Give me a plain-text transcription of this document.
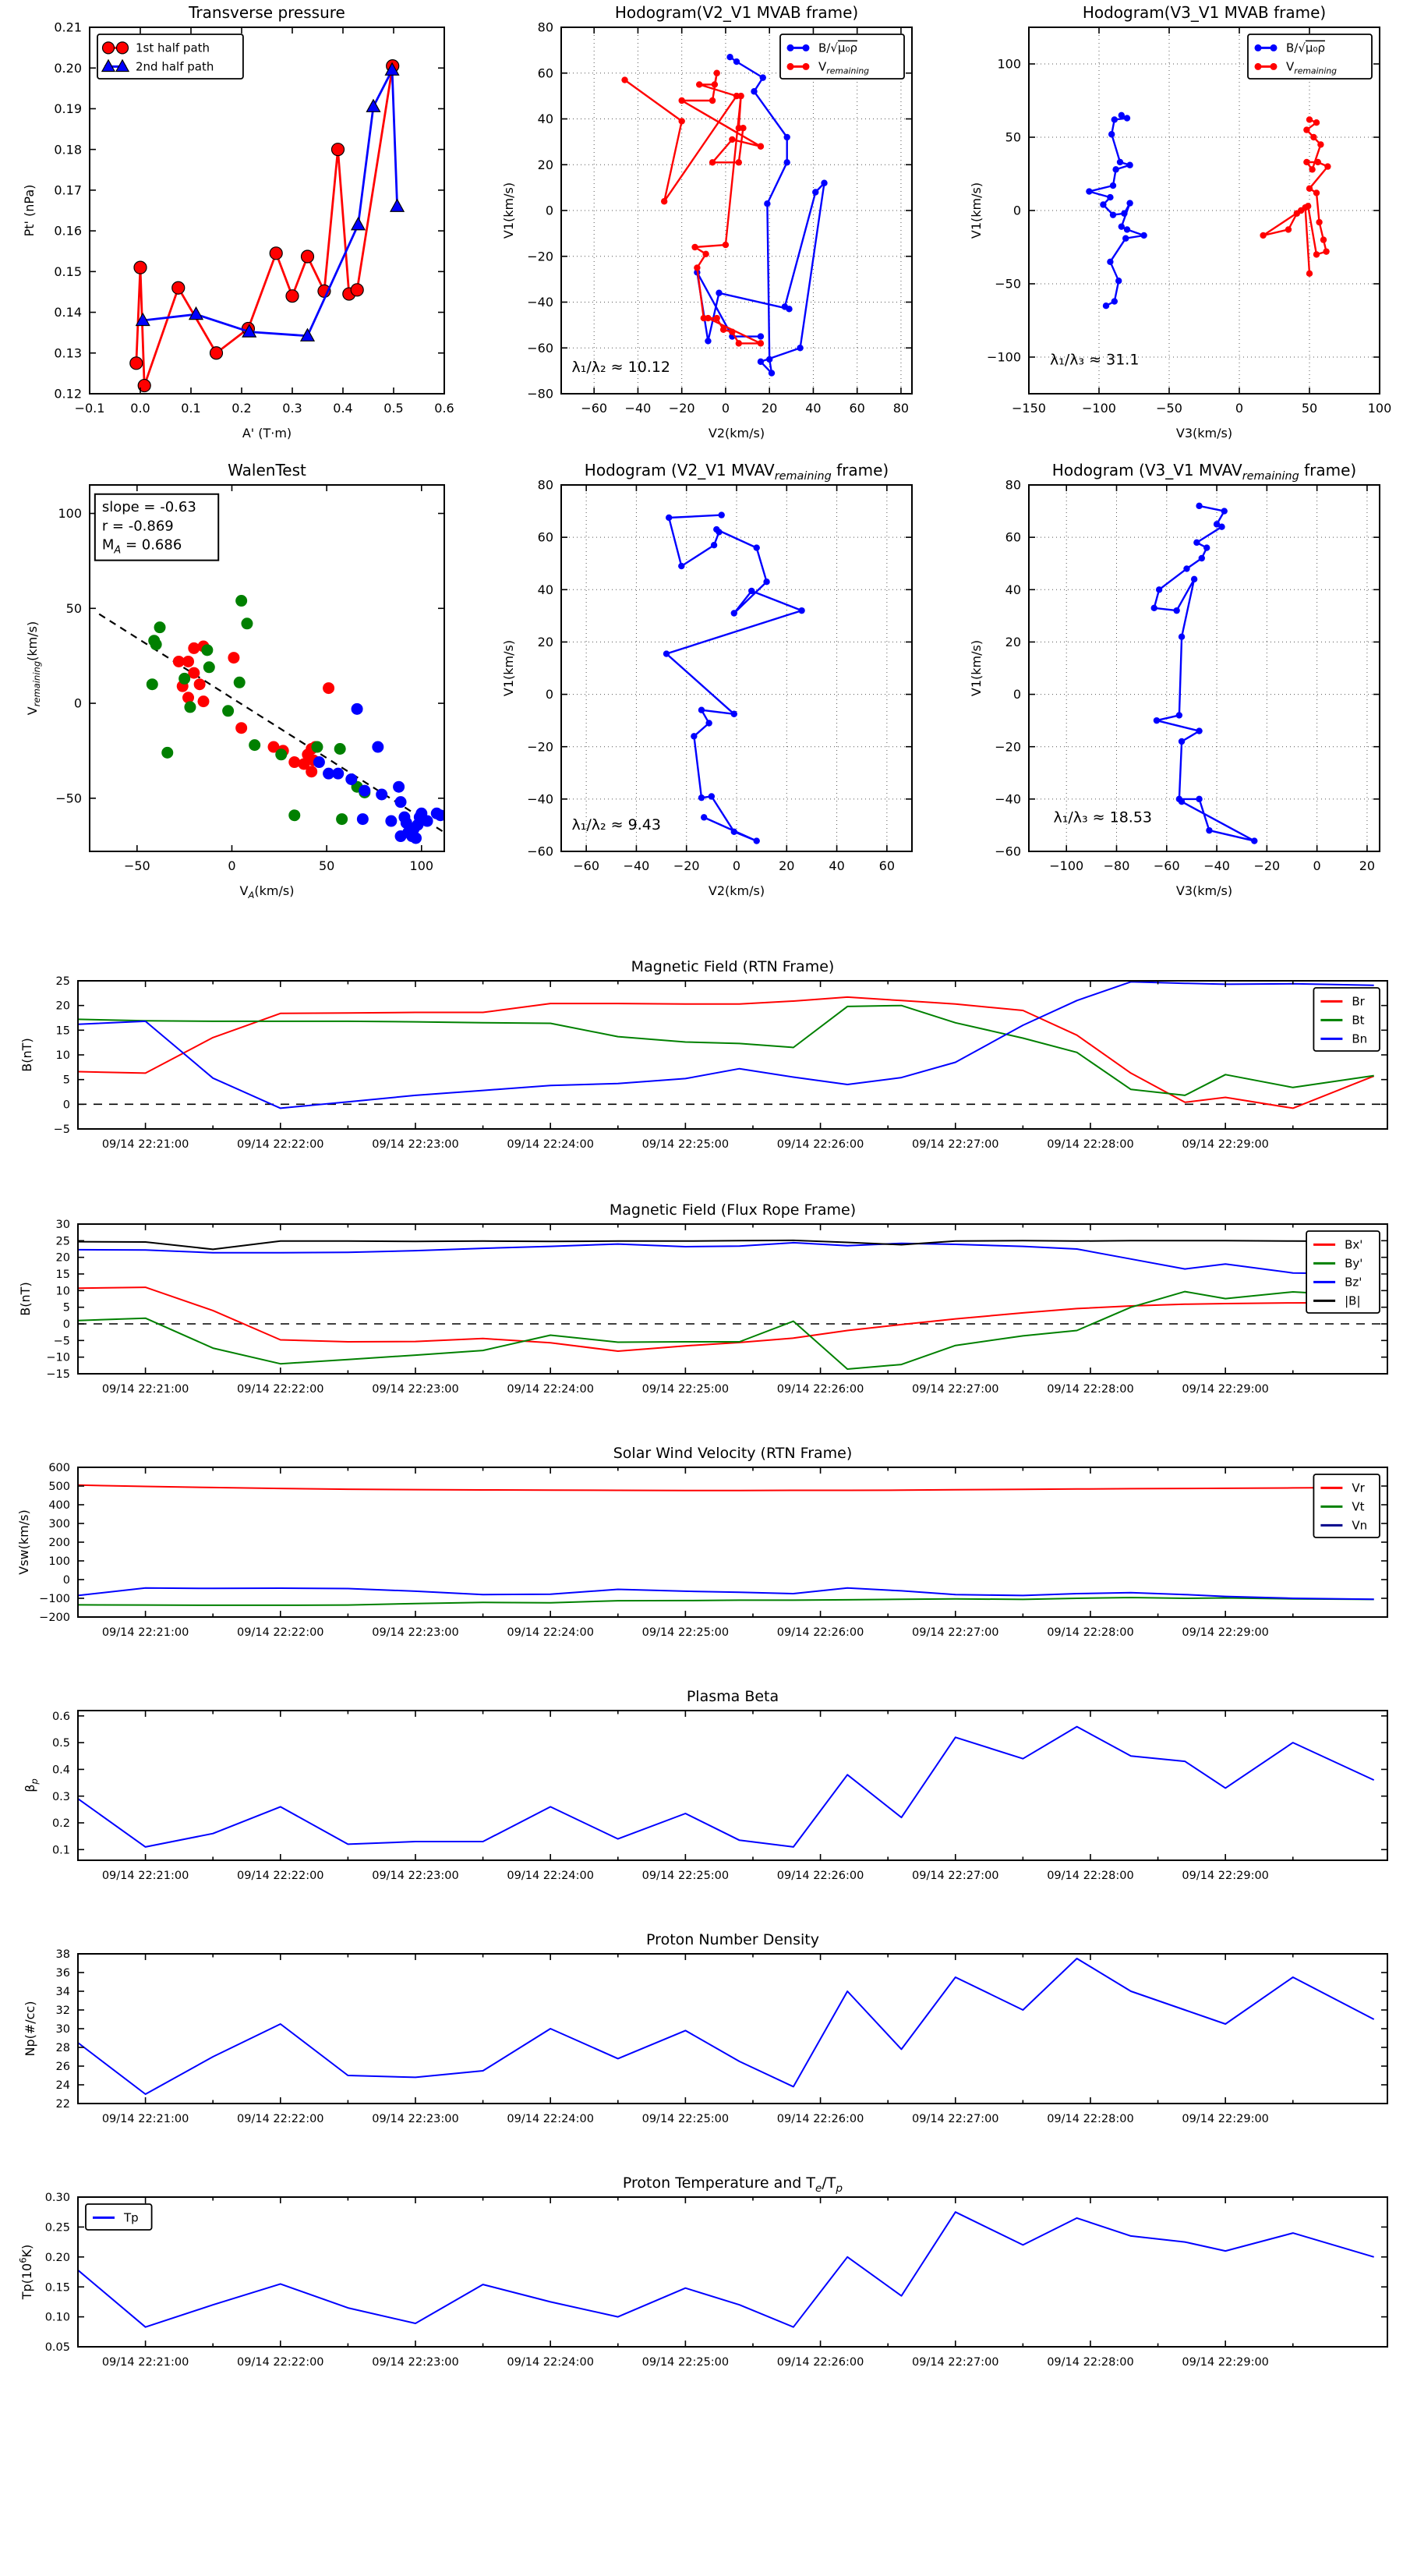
−0.1 0.0 0.1 0.2 0.3 0.4 0.5 0.6
0.12
0.13
0.14
0.15
0.16
0.17
0.18
0.19
0.20
0.21
Transverse pressure
A' (T·m)
Pt' (nPa)
1st half path
2nd half path
−60 −40 −20 0	20 40 60 80
−80
−60
−40
−20
0
20
40
60
80
Hodogram(V2_V1 MVAB frame)
V2(km/s)
V1(km/s)
B/√μ₀ρ
$V_{remaining}$
λ₁/λ₂ ≈ 10.12
−150	−100	−50	0	50	100
−100
−50
0
50
100
Hodogram(V3_V1 MVAB frame)
V3(km/s)
V1(km/s)
B/√μ₀ρ
$V_{remaining}$
λ₁/λ₃ ≈ 31.1
−50	0	50	100
−50
0
50
100
WalenTest
$V_A(km/s)$
$V_{remaining}(km/s)$
slope = -0.63
r = -0.869
$M_A = 0.686$
−60 −40 −20	0	20	40	60
−60
−40
−20
0
20
40
60
80
Hodogram (V2_V1 $MVAV_{remaining}$ frame)
V2(km/s)
V1(km/s)
λ₁/λ₂ ≈ 9.43
−100 −80 −60 −40 −20	0	20
−60
−40
−20
0
20
40
60
80
Hodogram (V3_V1 $MVAV_{remaining}$ frame)
V3(km/s)
V1(km/s)
λ₁/λ₃ ≈ 18.53
09/14 22:21:00	09/14 22:22:00	09/14 22:23:00	09/14 22:24:00	09/14 22:25:00	09/14 22:26:00	09/14 22:27:00	09/14 22:28:00	09/14 22:29:00
−5
0
5
10
15
20
25
Magnetic Field (RTN Frame)
B(nT)
Br
Bt
Bn
09/14 22:21:00	09/14 22:22:00	09/14 22:23:00	09/14 22:24:00	09/14 22:25:00	09/14 22:26:00	09/14 22:27:00	09/14 22:28:00	09/14 22:29:00
−15
−10
−5
0
5
10
15
20
25
30
Magnetic Field (Flux Rope Frame)
B(nT)
Bx'
By'
Bz'
|B|
09/14 22:21:00	09/14 22:22:00	09/14 22:23:00	09/14 22:24:00	09/14 22:25:00	09/14 22:26:00	09/14 22:27:00	09/14 22:28:00	09/14 22:29:00
−200
−100
0
100
200
300
400
500
600
Solar Wind Velocity (RTN Frame)
Vsw(km/s)
Vr
Vt
Vn
09/14 22:21:00	09/14 22:22:00	09/14 22:23:00	09/14 22:24:00	09/14 22:25:00	09/14 22:26:00	09/14 22:27:00	09/14 22:28:00	09/14 22:29:00
0.1
0.2
0.3
0.4
0.5
0.6
Plasma Beta
$\beta_p$
09/14 22:21:00	09/14 22:22:00	09/14 22:23:00	09/14 22:24:00	09/14 22:25:00	09/14 22:26:00	09/14 22:27:00	09/14 22:28:00	09/14 22:29:00
22
24
26
28
30
32
34
36
38
Proton Number Density
Np(#/cc)
09/14 22:21:00	09/14 22:22:00	09/14 22:23:00	09/14 22:24:00	09/14 22:25:00	09/14 22:26:00	09/14 22:27:00	09/14 22:28:00	09/14 22:29:00
0.05
0.10
0.15
0.20
0.25
0.30
Proton Temperature and $T_e/T_p$
$Tp(10^6K)$
Tp
